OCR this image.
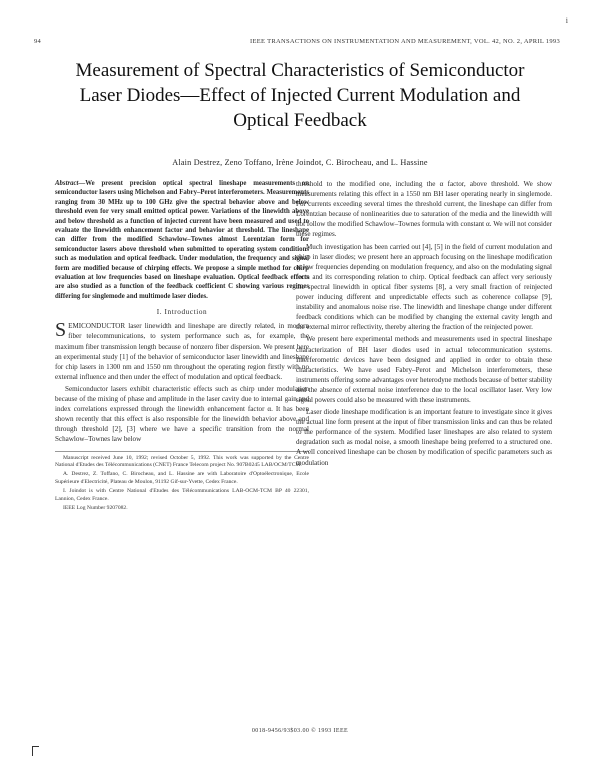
i
94	IEEE TRANSACTIONS ON INSTRUMENTATION AND MEASUREMENT, VOL. 42, NO. 2, APRIL 1993
Measurement of Spectral Characteristics of Semiconductor Laser Diodes—Effect of Injected Current Modulation and Optical Feedback
Alain Destrez, Zeno Toffano, Irène Joindot, C. Birocheau, and L. Hassine
Abstract—We present precision optical spectral lineshape measurements on semiconductor lasers using Michelson and Fabry–Perot interferometers. Measurements ranging from 30 MHz up to 100 GHz give the spectral behavior above and below threshold even for very small emitted optical power. Variations of the linewidth above and below threshold as a function of injected current have been measured and used to evaluate the linewidth enhancement factor and behavior at threshold. The lineshape can differ from the modified Schawlow–Townes almost Lorentzian form for semiconductor lasers above threshold when submitted to operating system conditions such as modulation and optical feedback. Under modulation, the frequency and signal form are modified because of chirping effects. We propose a simple method for chirp evaluation at low frequencies based on lineshape evaluation. Optical feedback effects are also studied as a function of the feedback coefficient C showing various regimes differing for singlemode and multimode laser diodes.
I. Introduction

SEMICONDUCTOR laser linewidth and lineshape are directly related, in modern fiber telecommunications, to system performance such as, for example, the maximum fiber transmission length because of nonzero fiber dispersion. We present here an experimental study [1] of the behavior of semiconductor laser linewidth and lineshape for chip lasers in 1300 nm and 1550 nm throughout the operating region firstly with no external influence and then under the effect of modulation and optical feedback.

Semiconductor lasers exhibit characteristic effects such as chirp under modulation because of the mixing of phase and amplitude in the laser cavity due to internal gain and index correlations expressed through the linewidth enhancement factor α. It has been shown recently that this effect is also responsible for the linewidth behavior above and through threshold [2], [3] where we have a specific transition from the normal Schawlow–Townes law below

Manuscript received June 10, 1992; revised October 5, 1992. This work was supported by the Centre National d'Etudes des Télécommunications (CNET) France Telecom project No. 907B0245 LAB/OCM/TCM.

A. Destrez, Z. Toffano, C. Birocheau, and L. Hassine are with Laboratoire d'Optoélectronique, Ecole Supérieure d'Electricité, Plateau de Moulon, 91192 Gif-sur-Yvette, Cedex France.

I. Joindot is with Centre National d'Etudes des Télécommunications LAB-OCM-TCM BP 40 22301, Lannion, Cedex France.

IEEE Log Number 9207082.

threshold to the modified one, including the α factor, above threshold. We show measurements relating this effect in a 1550 nm BH laser operating nearly in singlemode. For currents exceeding several times the threshold current, the lineshape can differ from Lorentzian because of nonlinearities due to saturation of the media and the linewidth will not follow the modified Schawlow–Townes formula with constant α. We will not consider these regimes.

Much investigation has been carried out [4], [5] in the field of current modulation and chirp in laser diodes; we present here an approach focusing on the lineshape modification at low frequencies depending on modulation frequency, and also on the modulating signal form and its corresponding relation to chirp. Optical feedback can affect very seriously the spectral linewidth in optical fiber systems [8], a very small fraction of reinjected power inducing different and unpredictable effects such as coherence collapse [9], instability and anomalous noise rise. The linewidth and lineshape change under different feedback conditions which can be modified by changing the external cavity length and the external mirror reflectivity, thereby altering the fraction of the reinjected power.

We present here experimental methods and measurements used in spectral lineshape characterization of BH laser diodes used in actual telecommunication systems. Interferometric devices have been designed and applied in order to obtain these characteristics. We have used Fabry–Perot and Michelson interferometers, these instruments offering some advantages over heterodyne methods because of better stability and the absence of external noise interference due to the local oscillator laser. Very low signal powers could also be measured with these instruments.

Laser diode lineshape modification is an important feature to investigate since it gives the actual line form present at the input of fiber transmission links and can thus be related to the performance of the system. Modified laser lineshapes are also related to system degradation such as modal noise, a smooth lineshape being preferred to a structured one. A well conceived lineshape can be chosen by modification of specific parameters such as modulation

0018-9456/93$03.00 © 1993 IEEE
